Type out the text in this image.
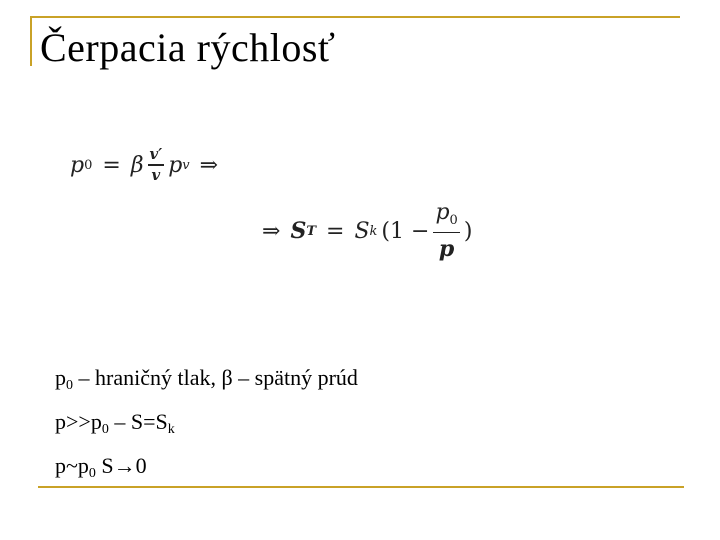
Čerpacia rýchlosť
p 0 = β $\frac{v'}{v}$ p v ⇒
⇒ S T = S k ($1 - \frac{p_0}{p}$ )
$p_0$ – hraničný tlak, β – spätný prúd
$p>>p_0 - S=S_k$
$p\sim p_0$ S→0
